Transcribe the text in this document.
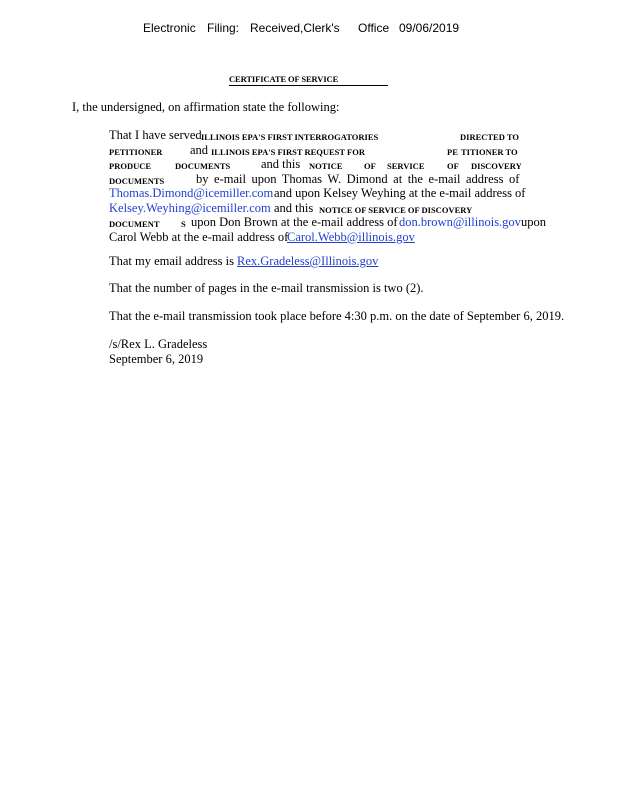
Electronic Filing: Received,Clerk's Office 09/06/2019
CERTIFICATE OF SERVICE
I, the undersigned, on affirmation state the following:
That I have served ILLINOIS EPA'S FIRST INTERROGATORIES	DIRECTED TO
PETITIONER and ILLINOIS EPA'S FIRST REQUEST FOR	PE TITIONER TO
PRODUCE	DOCUMENTS and this NOTICE	OF SERVICE	OF DISCOVERY
DOCUMENTS	by e-mail upon Thomas W. Dimond at the e-mail address of
Thomas.Dimond@icemiller.com and upon Kelsey Weyhing at the e-mail address of
Kelsey.Weyhing@icemiller.com and this NOTICE OF SERVICE OF DISCOVERY
DOCUMENT	S upon Don Brown at the e-mail address of don.brown@illinois.gov upon
Carol Webb at the e-mail address of
Carol.Webb@illinois.gov
That my email address is Rex.Gradeless@Illinois.gov
That the number of pages in the e-mail transmission is two (2).
That the e-mail transmission took place before 4:30 p.m. on the date of September 6, 2019.
/s/Rex L. Gradeless
September 6, 2019
